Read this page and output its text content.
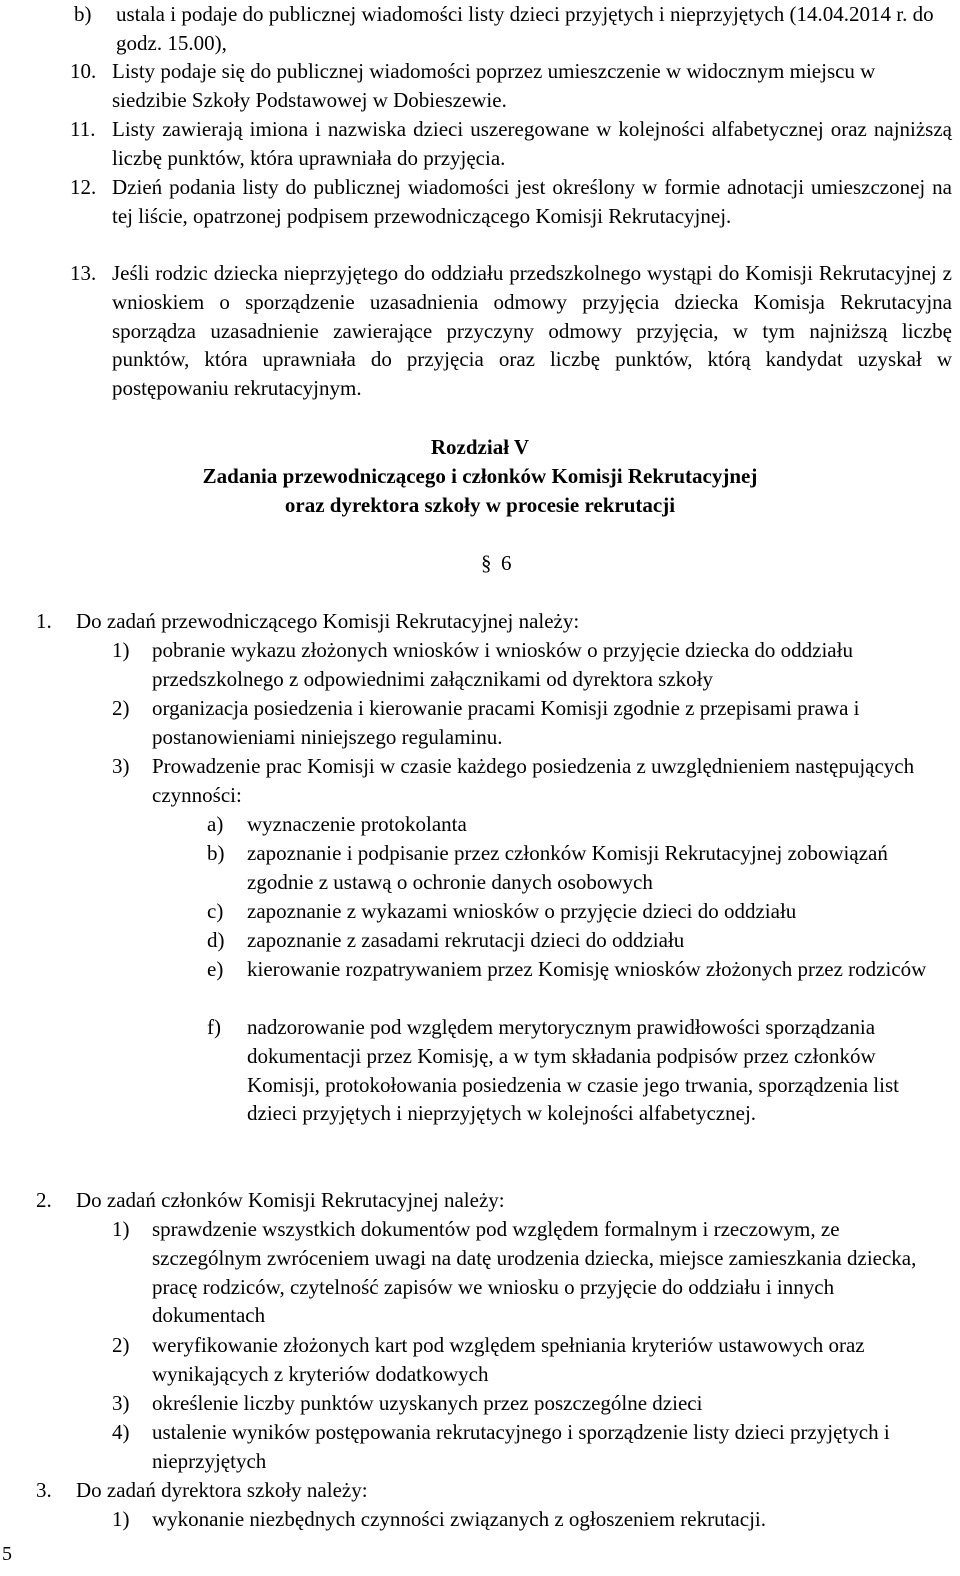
b)	ustala i podaje do publicznej wiadomości listy dzieci przyjętych i nieprzyjętych (14.04.2014 r. do godz. 15.00),
10. Listy podaje się do publicznej wiadomości poprzez umieszczenie w widocznym miejscu w siedzibie Szkoły Podstawowej w Dobieszewie.
11. Listy zawierają imiona i nazwiska dzieci uszeregowane w kolejności alfabetycznej oraz najniższą liczbę punktów, która uprawniała do przyjęcia.
12. Dzień podania listy do publicznej wiadomości jest określony w formie adnotacji umieszczonej na tej liście, opatrzonej podpisem przewodniczącego Komisji Rekrutacyjnej.
13. Jeśli rodzic dziecka nieprzyjętego do oddziału przedszkolnego wystąpi do Komisji Rekrutacyjnej z wnioskiem o sporządzenie uzasadnienia odmowy przyjęcia dziecka Komisja Rekrutacyjna sporządza uzasadnienie zawierające przyczyny odmowy przyjęcia, w tym najniższą liczbę punktów, która uprawniała do przyjęcia oraz liczbę punktów, którą kandydat uzyskał w postępowaniu rekrutacyjnym.
Rozdział V
Zadania przewodniczącego i członków Komisji Rekrutacyjnej
oraz dyrektora szkoły w procesie rekrutacji
§ 6
1.	Do zadań przewodniczącego Komisji Rekrutacyjnej należy:
1)	pobranie wykazu złożonych wniosków i wniosków o przyjęcie dziecka do oddziału przedszkolnego z odpowiednimi załącznikami od dyrektora szkoły
2)	organizacja posiedzenia i kierowanie pracami Komisji zgodnie z przepisami prawa i postanowieniami niniejszego regulaminu.
3)	Prowadzenie prac Komisji w czasie każdego posiedzenia z uwzględnieniem następujących czynności:
a)	wyznaczenie protokolanta
b)	zapoznanie i podpisanie przez członków Komisji Rekrutacyjnej zobowiązań zgodnie z ustawą o ochronie danych osobowych
c)	zapoznanie z wykazami wniosków o przyjęcie dzieci do oddziału
d)	zapoznanie z zasadami rekrutacji dzieci do oddziału
e)	kierowanie rozpatrywaniem przez Komisję wniosków złożonych przez rodziców
f)	nadzorowanie pod względem merytorycznym prawidłowości sporządzania dokumentacji przez Komisję, a w tym składania podpisów przez członków Komisji, protokołowania posiedzenia w czasie jego trwania, sporządzenia list dzieci przyjętych i nieprzyjętych w kolejności alfabetycznej.
2.	Do zadań członków Komisji Rekrutacyjnej należy:
1)	sprawdzenie wszystkich dokumentów pod względem formalnym i rzeczowym, ze szczególnym zwróceniem uwagi na datę urodzenia dziecka, miejsce zamieszkania dziecka, pracę rodziców, czytelność zapisów we wniosku o przyjęcie do oddziału i innych dokumentach
2)	weryfikowanie złożonych kart pod względem spełniania kryteriów ustawowych oraz wynikających z kryteriów dodatkowych
3)	określenie liczby punktów uzyskanych przez poszczególne dzieci
4)	ustalenie wyników postępowania rekrutacyjnego i sporządzenie listy dzieci przyjętych i nieprzyjętych
3.	Do zadań dyrektora szkoły należy:
1)	wykonanie niezbędnych czynności związanych z ogłoszeniem rekrutacji.
5
